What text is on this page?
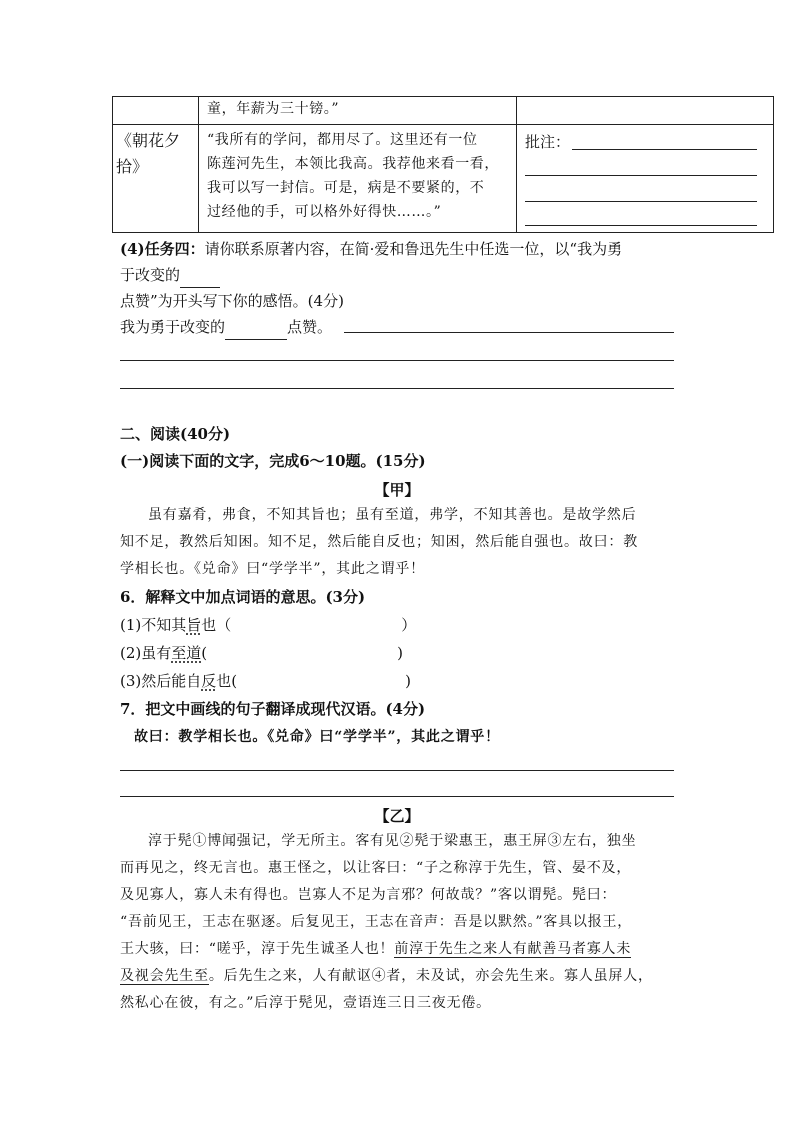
	童，年薪为三十镑。”	

《朝花夕拾》	“我所有的学问，都用尽了。这里还有一位
陈莲河先生，本领比我高。我荐他来看一看，
我可以写一封信。可是，病是不要紧的，不
过经他的手，可以格外好得快……。”	批注：
(4)任务四：请你联系原著内容，在简·爱和鲁迅先生中任选一位，以“我为勇
于改变的
点赞”为开头写下你的感悟。(4分)
我为勇于改变的	点赞。
二、阅读(40分)
(一)阅读下面的文字，完成6～10题。(15分)
【甲】
虽有嘉肴，弗食，不知其旨也；虽有至道，弗学，不知其善也。是故学然后
知不足，教然后知困。知不足，然后能自反也；知困，然后能自强也。故曰：教
学相长也。《兑命》曰“学学半”，其此之谓乎！
6．解释文中加点词语的意思。(3分)
(1)不知其旨也（	）
(2)虽有至道(	)
(3)然后能自反也(	)
7．把文中画线的句子翻译成现代汉语。(4分)
故曰：教学相长也。《兑命》曰“学学半”，其此之谓乎！
【乙】
淳于髡①博闻强记，学无所主。客有见②髡于梁惠王，惠王屏③左右，独坐
而再见之，终无言也。惠王怪之，以让客曰：“子之称淳于先生，管、晏不及，
及见寡人，寡人未有得也。岂寡人不足为言邪？何故哉？”客以谓髡。髡曰：
“吾前见王，王志在驱逐。后复见王，王志在音声：吾是以默然。”客具以报王，
王大骇，曰：“嗟乎，淳于先生诚圣人也！前淳于先生之来人有献善马者寡人未
及视会先生至。后先生之来，人有献讴④者，未及试，亦会先生来。寡人虽屏人，
然私心在彼，有之。”后淳于髡见，壹语连三日三夜无倦。
